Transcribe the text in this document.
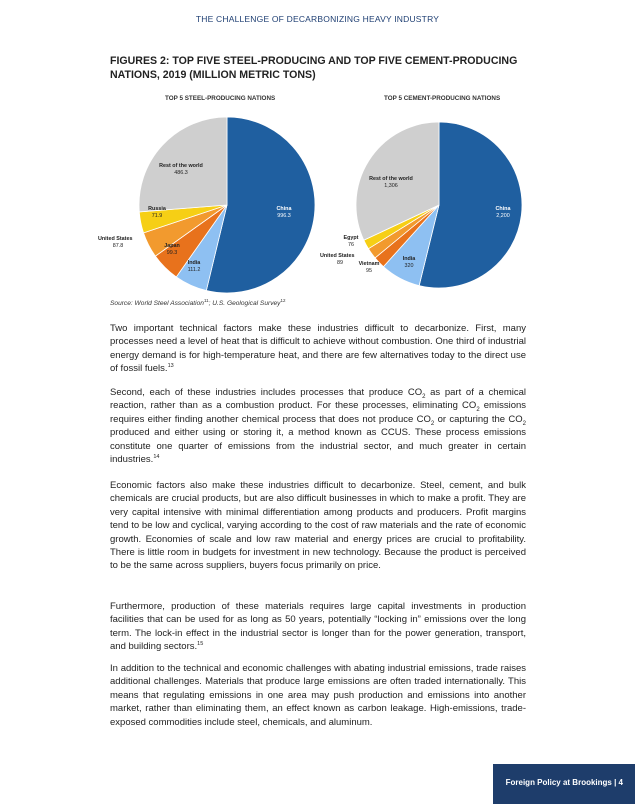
THE CHALLENGE OF DECARBONIZING HEAVY INDUSTRY
FIGURES 2: TOP FIVE STEEL-PRODUCING AND TOP FIVE CEMENT-PRODUCING NATIONS, 2019 (MILLION METRIC TONS)
TOP 5 STEEL-PRODUCING NATIONS	TOP 5 CEMENT-PRODUCING NATIONS
China
996.3
India
111.2
Japan
99.3
United States
87.8
Russia
71.9
Rest of the world
486.3
China
2,200
India
320
Vietnam
95
United States
89
Egypt
76
Rest of the world
1,306
Source: World Steel Association$^{11}$; U.S. Geological Survey$^{12}$

Two important technical factors make these industries difficult to decarbonize. First, many processes need a level of heat that is difficult to achieve without combustion. One third of industrial energy demand is for high-temperature heat, and there are few alternatives today to the direct use of fossil fuels.$^{13}$

Second, each of these industries includes processes that produce $CO_2$ as part of a chemical reaction, rather than as a combustion product. For these processes, eliminating $CO_2$ emissions requires either finding another chemical process that does not produce $CO_2$ or capturing the $CO_2$ produced and either using or storing it, a method known as CCUS. These process emissions constitute one quarter of emissions from the industrial sector, and much greater in certain industries.$^{14}$

Economic factors also make these industries difficult to decarbonize. Steel, cement, and bulk chemicals are crucial products, but are also difficult businesses in which to make a profit. They are very capital intensive with minimal differentiation among products and producers. Profit margins tend to be low and cyclical, varying according to the cost of raw materials and the rate of economic growth. Economies of scale and low raw material and energy prices are crucial to profitability. There is little room in budgets for investment in new technology. Because the product is perceived to be the same across suppliers, buyers focus primarily on price.

Furthermore, production of these materials requires large capital investments in production facilities that can be used for as long as 50 years, potentially “locking in” emissions over the long term. The lock-in effect in the industrial sector is longer than for the power generation, transport, and building sectors.$^{15}$

In addition to the technical and economic challenges with abating industrial emissions, trade raises additional challenges. Materials that produce large emissions are often traded internationally. This means that regulating emissions in one area may push production and emissions into another market, rather than eliminating them, an effect known as carbon leakage. High-emissions, trade-exposed commodities include steel, chemicals, and aluminum.

Foreign Policy at Brookings | 4
